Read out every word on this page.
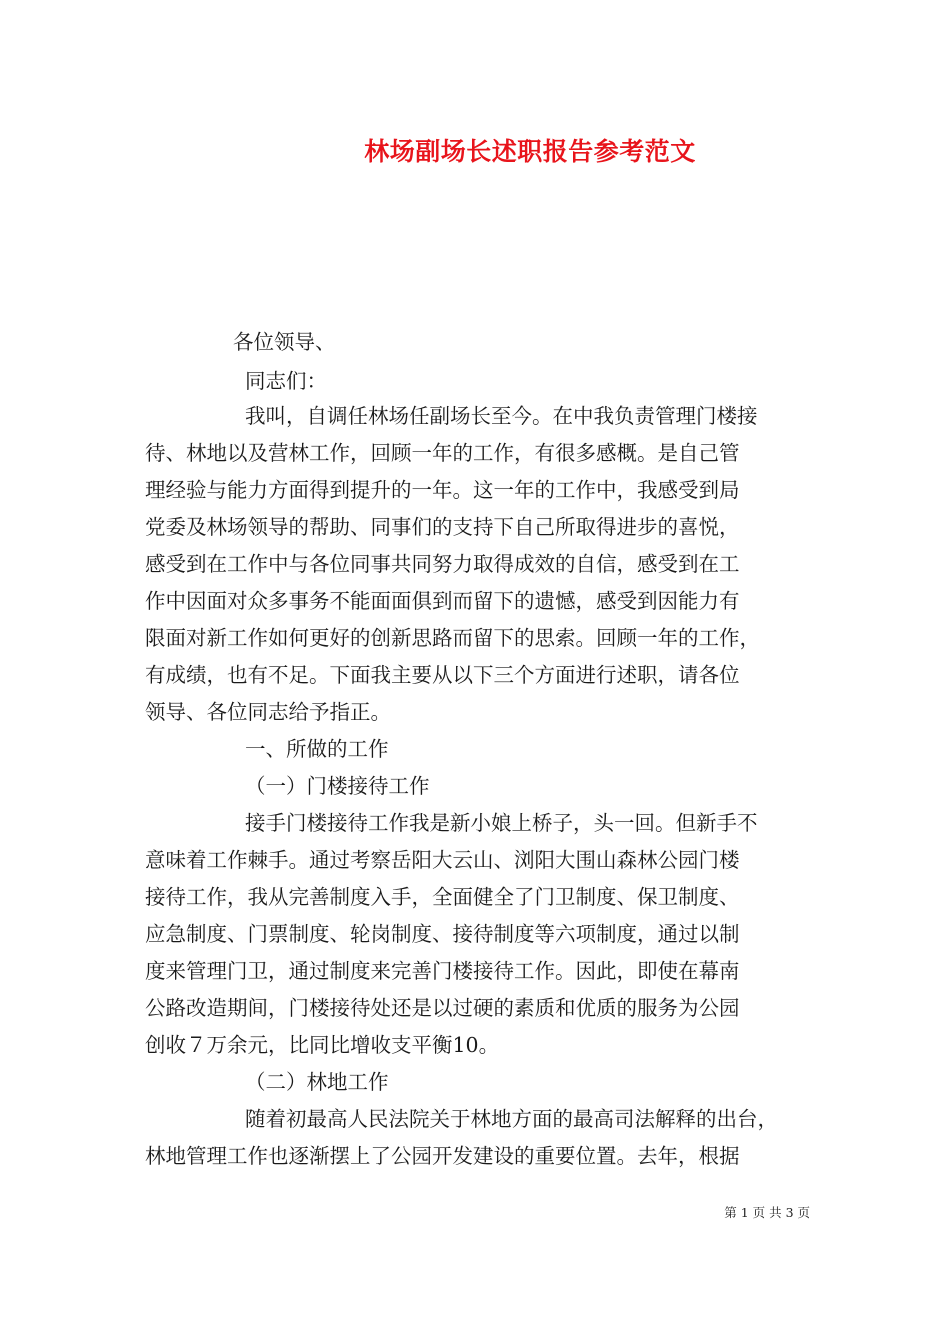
林场副场长述职报告参考范文
各位领导、
同志们：
我叫，自调任林场任副场长至今。在中我负责管理门楼接
待、林地以及营林工作，回顾一年的工作，有很多感概。是自己管
理经验与能力方面得到提升的一年。这一年的工作中，我感受到局
党委及林场领导的帮助、同事们的支持下自己所取得进步的喜悦，
感受到在工作中与各位同事共同努力取得成效的自信，感受到在工
作中因面对众多事务不能面面俱到而留下的遗憾，感受到因能力有
限面对新工作如何更好的创新思路而留下的思索。回顾一年的工作，
有成绩，也有不足。下面我主要从以下三个方面进行述职，请各位
领导、各位同志给予指正。
一、所做的工作
（一）门楼接待工作
接手门楼接待工作我是新小娘上桥子，头一回。但新手不
意味着工作棘手。通过考察岳阳大云山、浏阳大围山森林公园门楼
接待工作，我从完善制度入手，全面健全了门卫制度、保卫制度、
应急制度、门票制度、轮岗制度、接待制度等六项制度，通过以制
度来管理门卫，通过制度来完善门楼接待工作。因此，即使在幕南
公路改造期间，门楼接待处还是以过硬的素质和优质的服务为公园
创收７万余元，比同比增收支平衡10。
（二）林地工作
随着初最高人民法院关于林地方面的最高司法解释的出台，
林地管理工作也逐渐摆上了公园开发建设的重要位置。去年，根据
第 1 页 共 3 页
